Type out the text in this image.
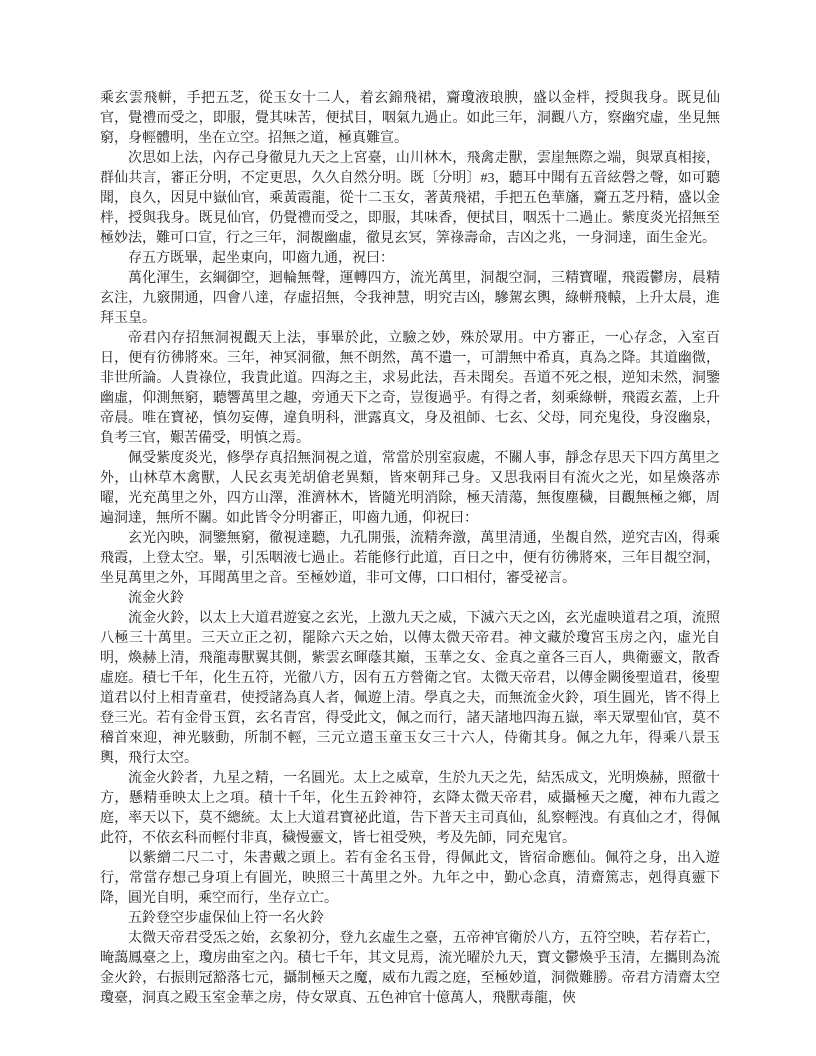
乘玄雲飛軿，手把五芝，從玉女十二人，着玄錦飛裙，齎瓊液琅腴，盛以金柈，授與我身。既見仙官，覺禮而受之，即服，覺其味苦，便拭目，咽氣九過止。如此三年，洞觀八方，察幽究虛，坐見無窮，身輕體明，坐在立空。招無之道，極真難宣。

次思如上法，內存己身徹見九天之上宮臺，山川林木，飛禽走獸，雲崖無際之端，與眾真相接，群仙共言，審正分明，不定更思，久久自然分明。既〔分明〕#3，聽耳中聞有五音絃磬之聲，如可聽聞，良久，因見中嶽仙官，乘黃霞龍，從十二玉女，著黃飛裙，手把五色華旛，齎五芝丹精，盛以金柈，授與我身。既見仙官，仍覺禮而受之，即服，其味香，便拭目，咽炁十二過止。紫度炎光招無至極妙法，難可口宣，行之三年，洞覩幽虛，徹見玄冥，筭祿壽命，吉凶之兆，一身洞達，面生金光。

存五方既畢，起坐東向，叩齒九通，祝曰：

萬化渾生，玄綱御空，迴輪無聲，運轉四方，流光萬里，洞覩空洞，三精寶曜，飛霞鬱房，晨精玄注，九竅開通，四會八達，存虛招無，令我神慧，明究吉凶，驂駕玄輿，綠軿飛轅，上升太晨，進拜玉皇。

帝君內存招無洞視觀天上法，事畢於此，立驗之妙，殊於眾用。中方審正，一心存念，入室百日，便有彷彿將來。三年，神冥洞徹，無不朗然，萬不遺一，可謂無中希真，真為之降。其道幽微，非世所論。人貴祿位，我貴此道。四海之主，求易此法，吾未聞矣。吾道不死之根，逆知未然，洞鑒幽虛，仰測無窮，聽響萬里之趣，旁通天下之奇，豈復過乎。有得之者，刻乘綠軿，飛霞玄蓋，上升帝晨。唯在寶祕，慎勿妄傳，違負明科，泄露真文，身及祖師、七玄、父母，同充鬼役，身沒幽泉，負考三官，艱苦備受，明慎之焉。

佩受紫度炎光，修學存真招無洞視之道，常當於別室寂處，不關人事，靜念存思天下四方萬里之外，山林草木禽獸，人民玄夷羌胡傖老異類，皆來朝拜己身。又思我兩目有流火之光，如星煥落赤曜，光充萬里之外，四方山澤，淮濟林木，皆隨光明消除，極天清蕩，無復塵穢，目觀無極之鄉，周遍洞達，無所不關。如此皆令分明審正，叩齒九通，仰祝曰：

玄光內映，洞鑒無窮，徹視達聽，九孔開張，流精奔激，萬里清通，坐覩自然，逆究吉凶，得乘飛霞，上登太空。畢，引炁咽液七過止。若能修行此道，百日之中，便有彷彿將來，三年目覩空洞，坐見萬里之外，耳聞萬里之音。至極妙道，非可文傳，口口相付，審受祕言。

流金火鈴

流金火鈴，以太上大道君遊宴之玄光，上激九天之威，下滅六天之凶，玄光虛映道君之項，流照八極三十萬里。三天立正之初，罷除六天之始，以傳太微天帝君。神文藏於瓊宮玉房之內，虛光自明，煥赫上清，飛龍毒獸翼其側，紫雲玄暉蔭其巔，玉華之女、金真之童各三百人，典衛靈文，散香虛庭。積七千年，化生五符，光徹八方，因有五方營衛之官。太微天帝君，以傳金闕後聖道君，後聖道君以付上相青童君，使授諸為真人者，佩遊上清。學真之夫，而無流金火鈴，項生圓光，皆不得上登三光。若有金骨玉質，玄名青宮，得受此文，佩之而行，諸天諸地四海五嶽，率天眾聖仙官，莫不稽首來迎，神光駭動，所制不輕，三元立遣玉童玉女三十六人，侍衛其身。佩之九年，得乘八景玉輿，飛行太空。

流金火鈴者，九星之精，一名圓光。太上之威章，生於九天之先，結炁成文，光明煥赫，照徹十方，懸精垂映太上之項。積十千年，化生五鈴神符，玄降太微天帝君，威攝極天之魔，神布九霞之庭，率天以下，莫不總統。太上大道君寶祕此道，告下普天主司真仙，糺察輕洩。有真仙之才，得佩此符，不依玄科而輕付非真，穢慢靈文，皆七祖受殃，考及先師，同充鬼官。

以紫繒二尺二寸，朱書戴之頭上。若有金名玉骨，得佩此文，皆宿命應仙。佩符之身，出入遊行，常當存想己身項上有圓光，映照三十萬里之外。九年之中，勤心念真，清齋篤志，剋得真靈下降，圓光自明，乘空而行，坐存立亡。

五鈴登空步虛保仙上符一名火鈴

太微天帝君受炁之始，玄象初分，登九玄虛生之臺，五帝神官衛於八方，五符空映，若存若亡，晻藹鳳臺之上，瓊房曲室之內。積七千年，其文見焉，流光曜於九天，寶文鬱煥乎玉清，左攜則為流金火鈴，右振則冠豁落七元，攝制極天之魔，威布九霞之庭，至極妙道，洞微難勝。帝君方清齋太空瓊臺，洞真之殿玉室金華之房，侍女眾真、五色神官十億萬人，飛獸毒龍，俠
